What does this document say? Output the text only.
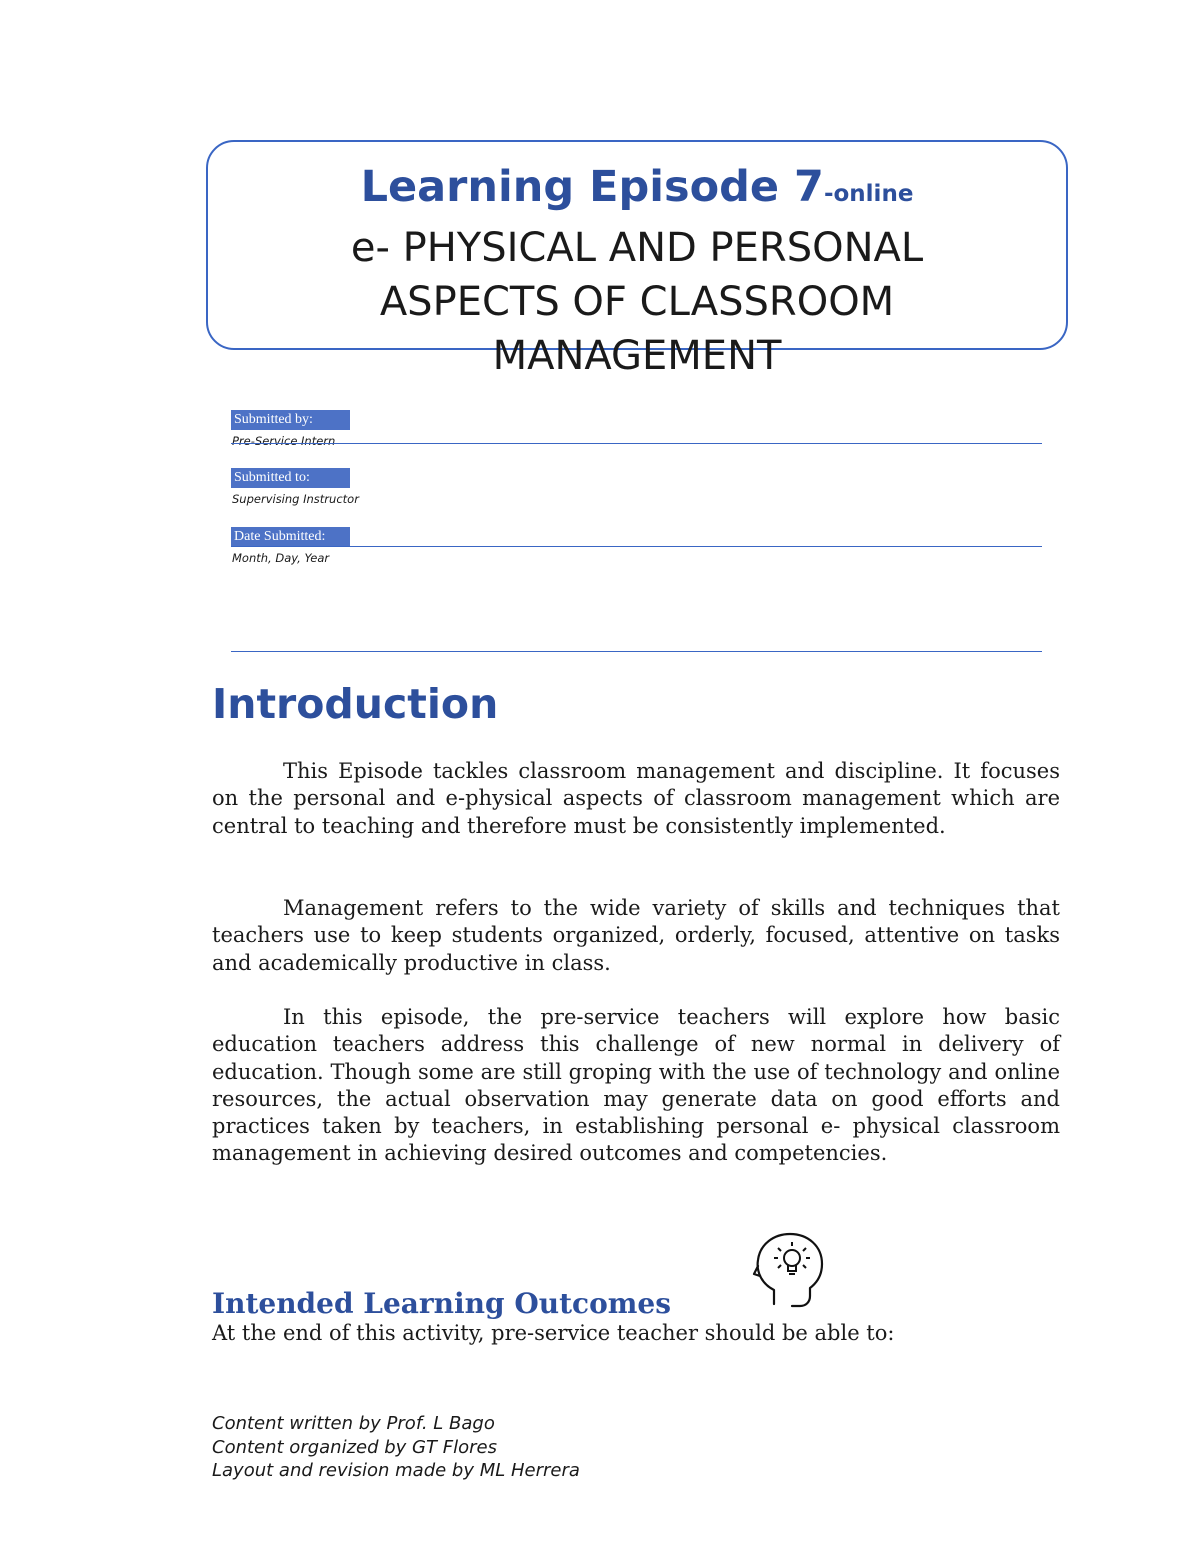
Learning Episode 7-online
e- PHYSICAL AND PERSONAL ASPECTS OF CLASSROOM MANAGEMENT
Submitted by:
Pre-Service Intern
Submitted to:
Supervising Instructor
Date Submitted:
Month, Day, Year
Introduction

This Episode tackles classroom management and discipline. It focuses on the personal and e-physical aspects of classroom management which are central to teaching and therefore must be consistently implemented.

Management refers to the wide variety of skills and techniques that teachers use to keep students organized, orderly, focused, attentive on tasks and academically productive in class.

In this episode, the pre-service teachers will explore how basic education teachers address this challenge of new normal in delivery of education. Though some are still groping with the use of technology and online resources, the actual observation may generate data on good efforts and practices taken by teachers, in establishing personal e- physical classroom management in achieving desired outcomes and competencies.

Intended Learning Outcomes

At the end of this activity, pre-service teacher should be able to:

Content written by Prof. L Bago
Content organized by GT Flores
Layout and revision made by ML Herrera
